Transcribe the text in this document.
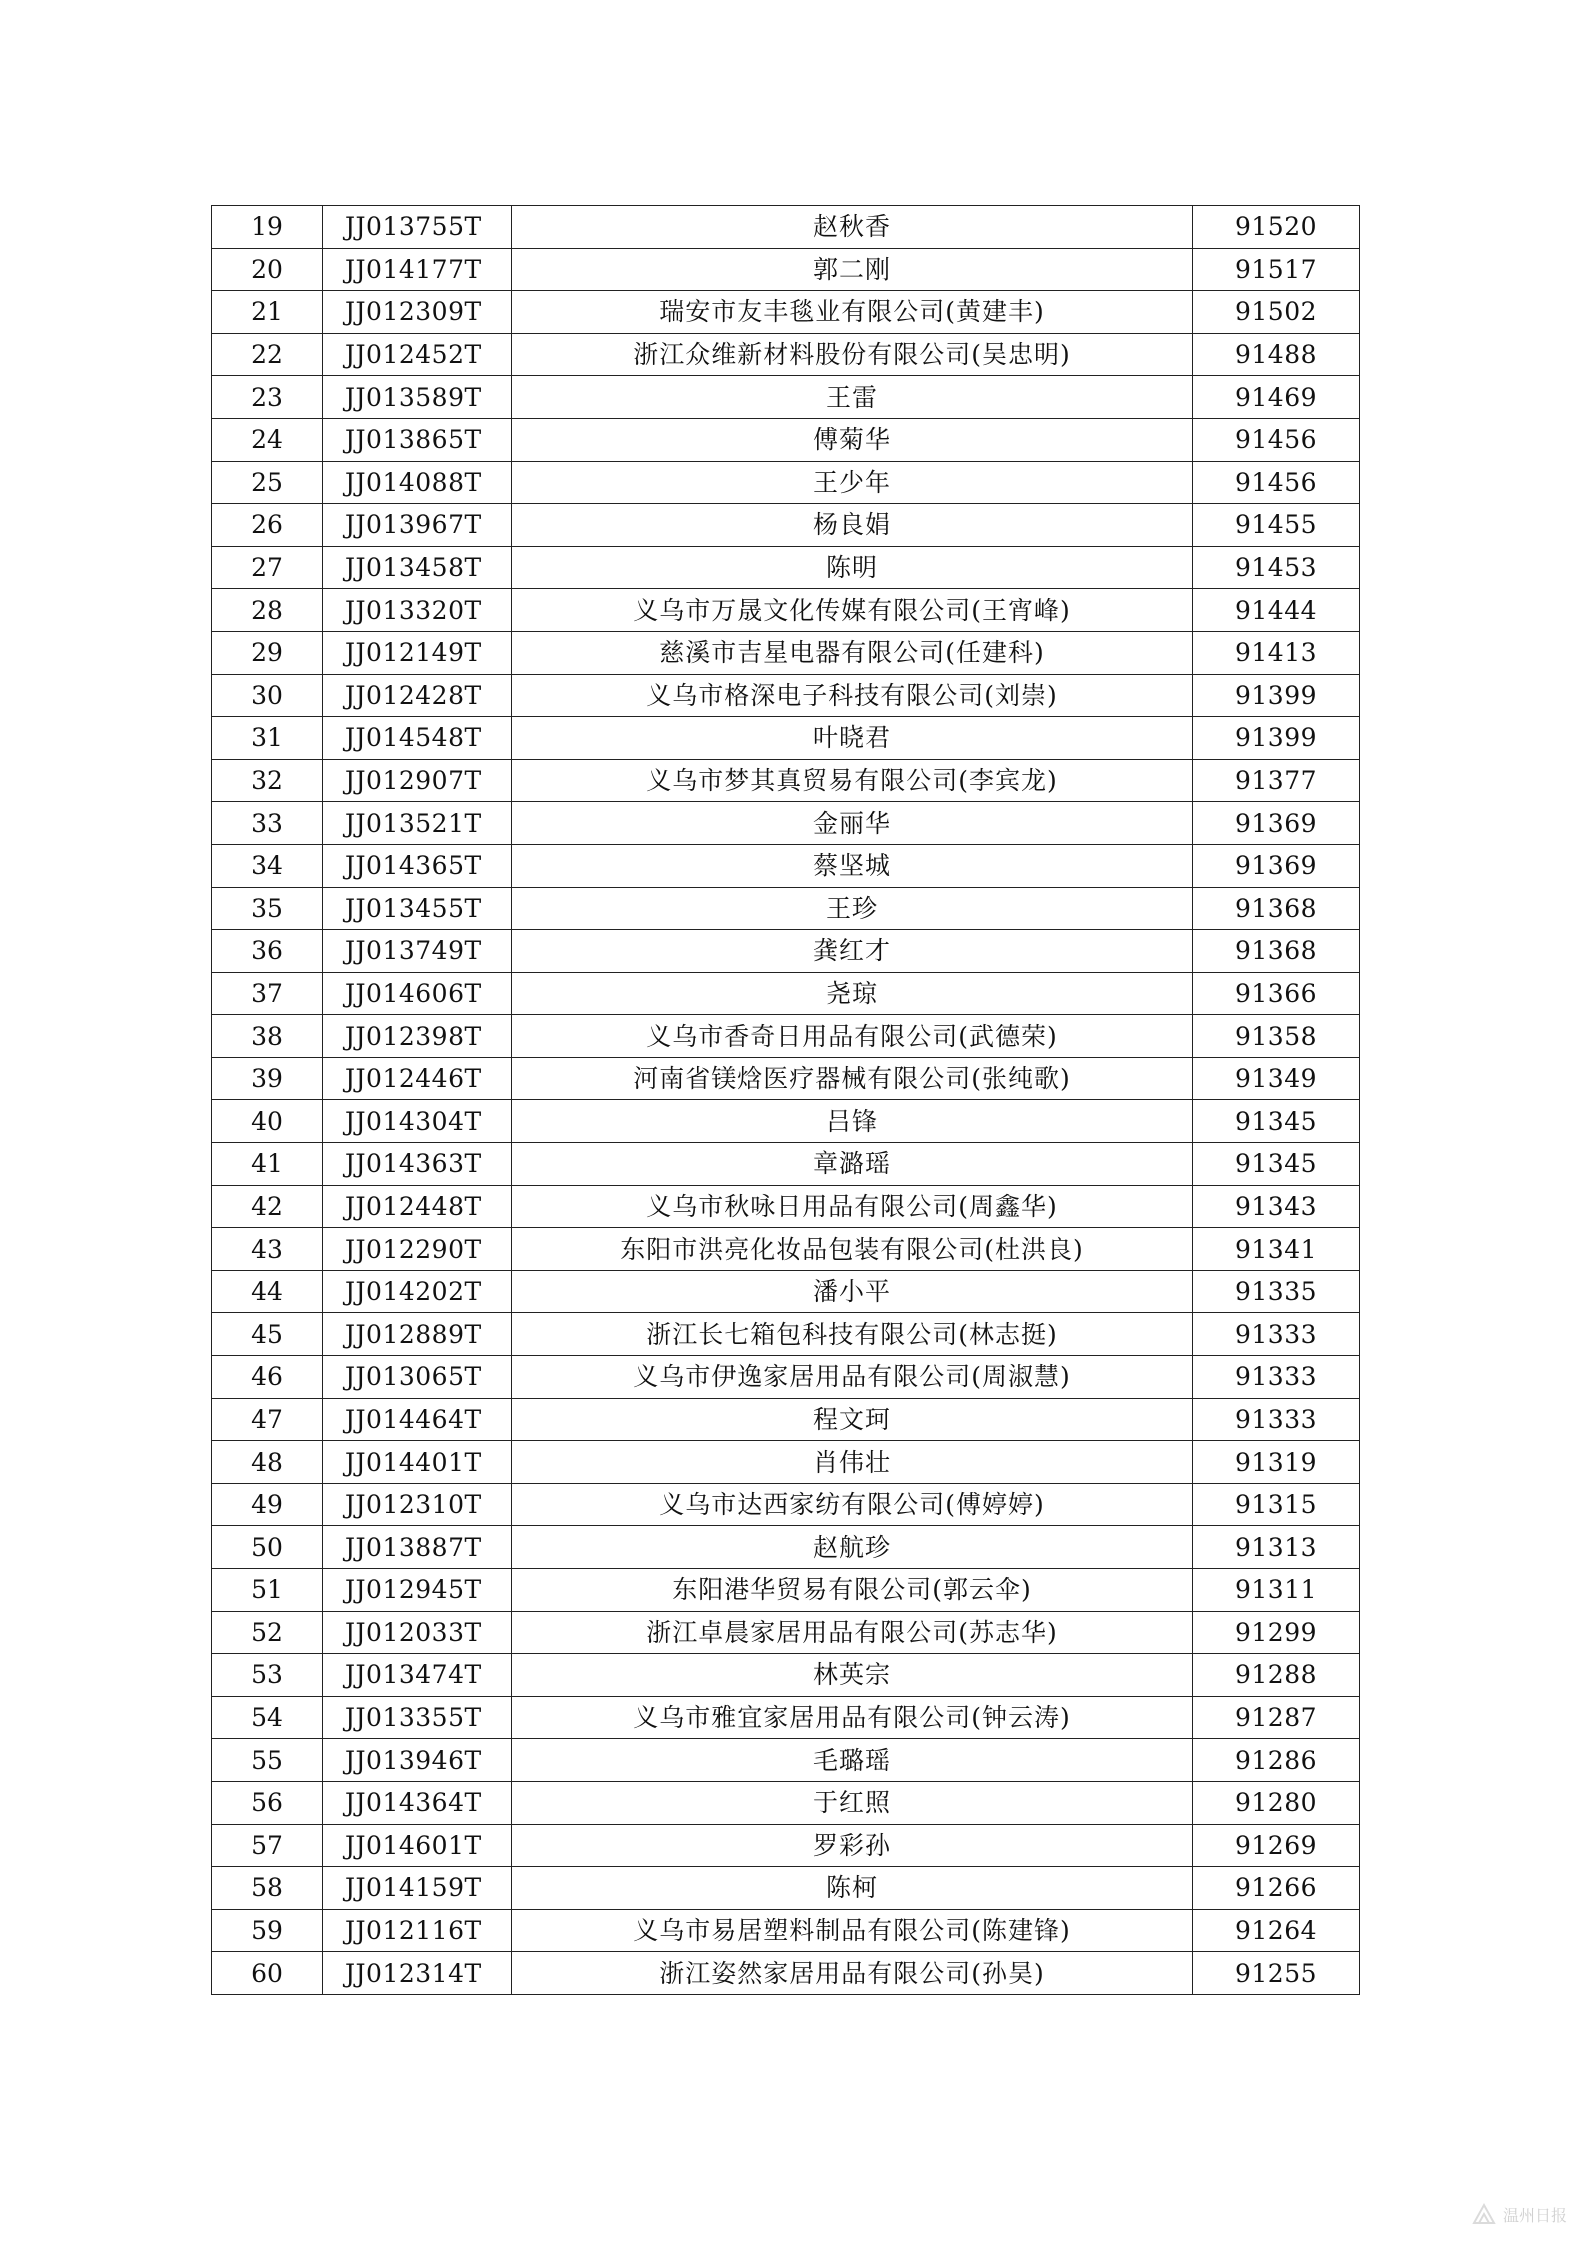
19	JJ013755T	赵秋香	91520
20	JJ014177T	郭二刚	91517
21	JJ012309T	瑞安市友丰毯业有限公司(黄建丰)	91502
22	JJ012452T	浙江众维新材料股份有限公司(吴忠明)	91488
23	JJ013589T	王雷	91469
24	JJ013865T	傅菊华	91456
25	JJ014088T	王少年	91456
26	JJ013967T	杨良娟	91455
27	JJ013458T	陈明	91453
28	JJ013320T	义乌市万晟文化传媒有限公司(王宵峰)	91444
29	JJ012149T	慈溪市吉星电器有限公司(任建科)	91413
30	JJ012428T	义乌市格深电子科技有限公司(刘崇)	91399
31	JJ014548T	叶晓君	91399
32	JJ012907T	义乌市梦其真贸易有限公司(李宾龙)	91377
33	JJ013521T	金丽华	91369
34	JJ014365T	蔡坚城	91369
35	JJ013455T	王珍	91368
36	JJ013749T	龚红才	91368
37	JJ014606T	尧琼	91366
38	JJ012398T	义乌市香奇日用品有限公司(武德荣)	91358
39	JJ012446T	河南省镁焓医疗器械有限公司(张纯歌)	91349
40	JJ014304T	吕锋	91345
41	JJ014363T	章潞瑶	91345
42	JJ012448T	义乌市秋咏日用品有限公司(周鑫华)	91343
43	JJ012290T	东阳市洪亮化妆品包装有限公司(杜洪良)	91341
44	JJ014202T	潘小平	91335
45	JJ012889T	浙江长七箱包科技有限公司(林志挺)	91333
46	JJ013065T	义乌市伊逸家居用品有限公司(周淑慧)	91333
47	JJ014464T	程文珂	91333
48	JJ014401T	肖伟壮	91319
49	JJ012310T	义乌市达西家纺有限公司(傅婷婷)	91315
50	JJ013887T	赵航珍	91313
51	JJ012945T	东阳港华贸易有限公司(郭云伞)	91311
52	JJ012033T	浙江卓晨家居用品有限公司(苏志华)	91299
53	JJ013474T	林英宗	91288
54	JJ013355T	义乌市雅宜家居用品有限公司(钟云涛)	91287
55	JJ013946T	毛璐瑶	91286
56	JJ014364T	于红照	91280
57	JJ014601T	罗彩孙	91269
58	JJ014159T	陈柯	91266
59	JJ012116T	义乌市易居塑料制品有限公司(陈建锋)	91264
60	JJ012314T	浙江姿然家居用品有限公司(孙昊)	91255
温州日报
